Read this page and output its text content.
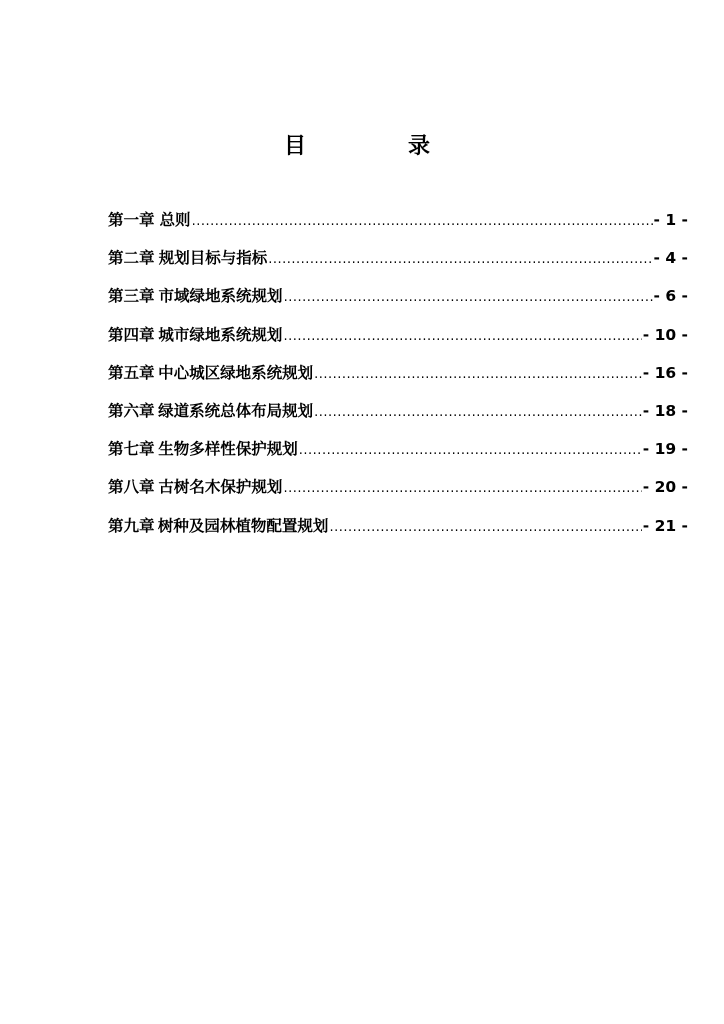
目　录
第一章 总则 .....	- 1 -
第二章 规划目标与指标 .....	- 4 -
第三章 市域绿地系统规划 .....	- 6 -
第四章 城市绿地系统规划 .....	- 10 -
第五章 中心城区绿地系统规划 .....	- 16 -
第六章 绿道系统总体布局规划 .....	- 18 -
第七章 生物多样性保护规划 .....	- 19 -
第八章 古树名木保护规划 .....	- 20 -
第九章 树种及园林植物配置规划 .....	- 21 -
